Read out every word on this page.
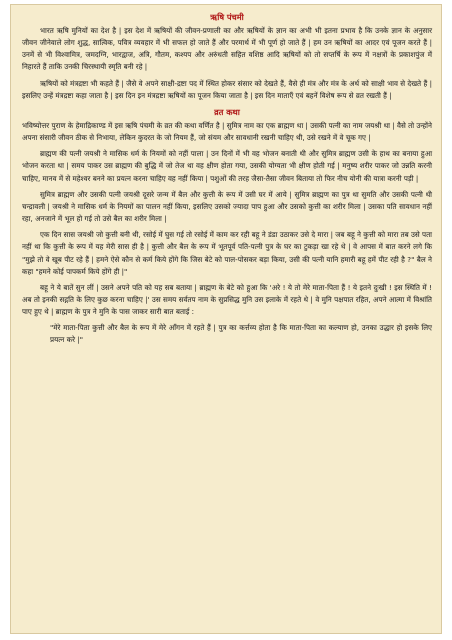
ऋषि पंचमी

भारत ऋषि मुनियों का देश है | इस देश में ऋषियों की जीवन-प्रणाली का और ऋषियों के ज्ञान का अभी भी इतना प्रभाव है कि उनके ज्ञान के अनुसार जीवन जीनेवाले लोग शुद्ध, सात्विक, पवित्र व्यवहार में भी सफल हो जाते हैं और परमार्थ में भी पूर्ण हो जाते हैं | हम उन ऋषियों का आदर एवं पूजन करते हैं | उनमें से भी विश्वामित्र, जमदग्नि, भारद्वाज, अत्रि, गौतम, कश्यप और अरुंधती सहित वशिष्ठ आदि ऋषियों को तो सप्तर्षि के रूप में नक्षत्रों के प्रकाशपुंज में निहारते हैं ताकि उनकी चिरस्थायी स्मृति बनी रहे |

ऋषियों को मंत्रद्रष्टा भी कहते हैं | जैसे वे अपने साक्षी-द्रष्टा पद में स्थित होकर संसार को देखते हैं, वैसे ही मंत्र और मंत्र के अर्थ को साक्षी भाव से देखते हैं | इसलिए उन्हें मंत्रद्रष्टा कहा जाता है | इस दिन इन मंत्रद्रष्टा ऋषियों का पूजन किया जाता है | इस दिन माताएँ एवं बहनें विशेष रूप से व्रत रखती हैं |

व्रत कथा

भविष्योत्तर पुराण के हेमाद्रिकाण्ड में इस ऋषि पंचमी के व्रत की कथा वर्णित है | सुमित्र नाम का एक ब्राह्मण था | उसकी पत्नी का नाम जयश्री था | वैसे तो उन्होंने अपना संसारी जीवन ठीक से निभाया, लेकिन कुदरत के जो नियम हैं, जो संयम और सावधानी रखनी चाहिए थी, उसे रखने में वे चूक गए |

ब्राह्मण की पत्नी जयश्री ने मासिक धर्म के नियमों को नहीं पाला | उन दिनों में भी वह भोजन बनाती थी और सुमित्र ब्राह्मण उसी के हाथ का बनाया हुआ भोजन करता था | समय पाकर उस ब्राह्मण की बुद्धि में जो तेज था वह क्षीण होता गया, उसकी योग्यता भी क्षीण होती गई | मनुष्य शरीर पाकर जो उन्नति करनी चाहिए, मानव में से महेश्वर बनने का प्रयत्न करना चाहिए वह नहीं किया | पशुओं की तरह जैसा-तैसा जीवन बिताया तो फिर नीच योनी की यात्रा करनी पड़ी |

सुमित्र ब्राह्मण और उसकी पत्नी जयश्री दूसरे जन्म में बैल और कुत्ती के रूप में उसी घर में आये | सुमित्र ब्राह्मण का पुत्र था सुमति और उसकी पत्नी थी चन्द्रावली | जयश्री ने मासिक धर्म के नियमों का पालन नहीं किया, इसलिए उसको ज्यादा पाप हुआ और उसको कुत्ती का शरीर मिला | उसका पति सावधान नहीं रहा, अनजाने में भूल हो गई तो उसे बैल का शरीर मिला |

एक दिन सास जयश्री जो कुत्ती बनी थी, रसोई में घुस गई तो रसोई में काम कर रही बहू ने डंडा उठाकर उसे दे मारा | जब बहू ने कुत्ती को मारा तब उसे पता नहीं था कि कुत्ती के रूप में यह मेरी सास ही है | कुत्ती और बैल के रूप में भूतपूर्व पति-पत्नी पुत्र के घर का टुकड़ा खा रहे थे | वे आपस में बात करने लगे कि "मुझे तो वे खूब पीट रहे हैं | हमने ऐसे कौन से कर्म किये होंगे कि जिस बेटे को पाल-पोसकर बड़ा किया, उसी की पत्नी यानि हमारी बहू हमें पीट रही है ?" बैल ने कहा "हमने कोई पापकर्म किये होंगे ही |"

बहू ने ये बातें सुन लीं | उसने अपने पति को यह सब बताया | ब्राह्मण के बेटे को हुआ कि 'अरे ! ये तो मेरे माता-पिता हैं ! ये इतने दुःखी ! इस स्थिति में ! अब तो इनकी सद्गति के लिए कुछ करना चाहिए |' उस समय सर्वतप नाम के सुप्रसिद्ध मुनि उस इलाके में रहते थे | वे मुनि पक्षपात रहित, अपने आत्मा में विश्रांति पाए हुए थे | ब्राह्मण के पुत्र ने मुनि के पास जाकर सारी बात बताई :

"मेरे माता-पिता कुत्ती और बैल के रूप में मेरे आँगन में रहते हैं | पुत्र का कर्त्तव्य होता है कि माता-पिता का कल्याण हो, उनका उद्धार हो इसके लिए प्रयत्न करे |"
